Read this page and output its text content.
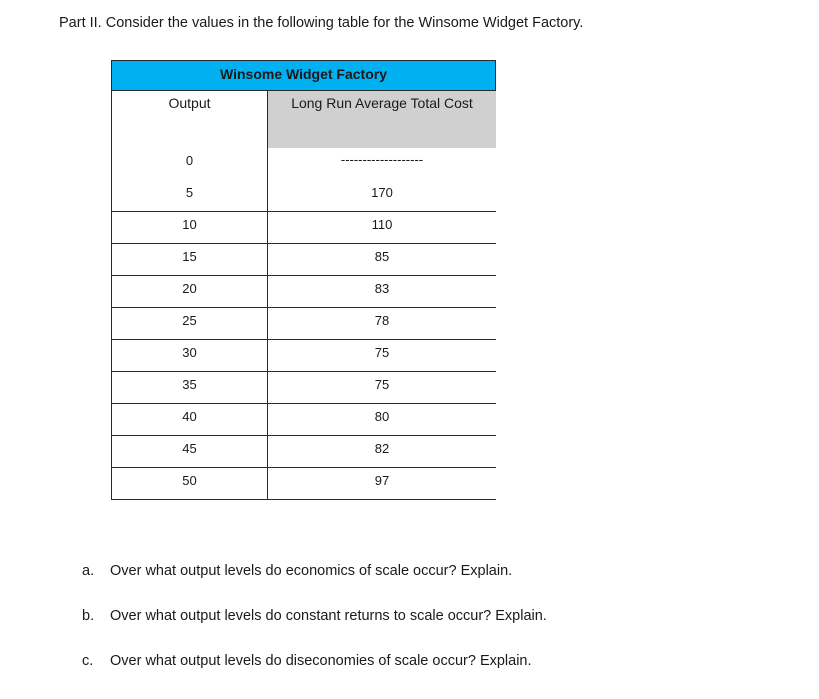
Part II. Consider the values in the following table for the Winsome Widget Factory.
Winsome Widget Factory
Output	Long Run Average Total Cost
0	-------------------
5	170
10	110
15	85
20	83
25	78
30	75
35	75
40	80
45	82
50	97
a.	Over what output levels do economics of scale occur? Explain.
b.	Over what output levels do constant returns to scale occur? Explain.
c.	Over what output levels do diseconomies of scale occur? Explain.
